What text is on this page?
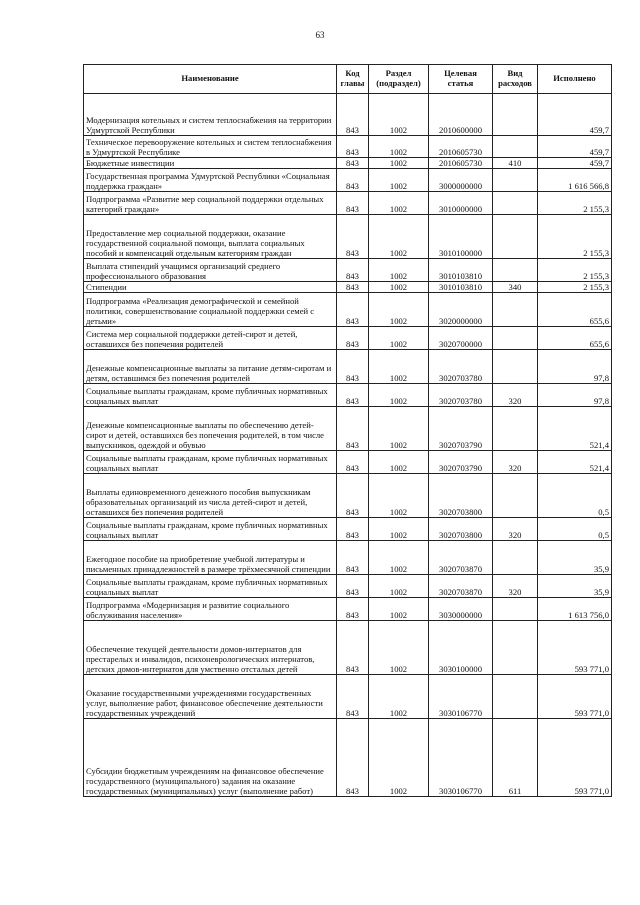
63
Наименование	Код главы	Раздел (подраздел)	Целевая статья	Вид расходов	Исполнено
Модернизация котельных и систем теплоснабжения на территории Удмуртской Республики	843	1002	2010600000		459,7
Техническое перевооружение котельных и систем теплоснабжения в Удмуртской Республике	843	1002	2010605730		459,7
Бюджетные инвестиции	843	1002	2010605730	410	459,7
Государственная программа Удмуртской Республики «Социальная поддержка граждан»	843	1002	3000000000		1 616 566,8
Подпрограмма «Развитие мер социальной поддержки отдельных категорий граждан»	843	1002	3010000000		2 155,3
Предоставление мер социальной поддержки, оказание государственной социальной помощи, выплата социальных пособий и компенсаций отдельным категориям граждан	843	1002	3010100000		2 155,3
Выплата стипендий учащимся организаций среднего профессионального образования	843	1002	3010103810		2 155,3
Стипендии	843	1002	3010103810	340	2 155,3
Подпрограмма «Реализация демографической и семейной политики, совершенствование социальной поддержки семей с детьми»	843	1002	3020000000		655,6
Система мер социальной поддержки детей-сирот и детей, оставшихся без попечения родителей	843	1002	3020700000		655,6
Денежные компенсационные выплаты за питание детям-сиротам и детям, оставшимся без попечения родителей	843	1002	3020703780		97,8
Социальные выплаты гражданам, кроме публичных нормативных социальных выплат	843	1002	3020703780	320	97,8
Денежные компенсационные выплаты по обеспечению детей-сирот и детей, оставшихся без попечения родителей, в том числе выпускников, одеждой и обувью	843	1002	3020703790		521,4
Социальные выплаты гражданам, кроме публичных нормативных социальных выплат	843	1002	3020703790	320	521,4
Выплаты единовременного денежного пособия выпускникам образовательных организаций из числа детей-сирот и детей, оставшихся без попечения родителей	843	1002	3020703800		0,5
Социальные выплаты гражданам, кроме публичных нормативных социальных выплат	843	1002	3020703800	320	0,5
Ежегодное пособие на приобретение учебной литературы и письменных принадлежностей в размере трёхмесячной стипендии	843	1002	3020703870		35,9
Социальные выплаты гражданам, кроме публичных нормативных социальных выплат	843	1002	3020703870	320	35,9
Подпрограмма «Модернизация и развитие социального обслуживания населения»	843	1002	3030000000		1 613 756,0
Обеспечение текущей деятельности домов-интернатов для престарелых и инвалидов, психоневрологических интернатов, детских домов-интернатов для умственно отсталых детей	843	1002	3030100000		593 771,0
Оказание государственными учреждениями государственных услуг, выполнение работ, финансовое обеспечение деятельности государственных учреждений	843	1002	3030106770		593 771,0
Субсидии бюджетным учреждениям на финансовое обеспечение государственного (муниципального) задания на оказание государственных (муниципальных) услуг (выполнение работ)	843	1002	3030106770	611	593 771,0
